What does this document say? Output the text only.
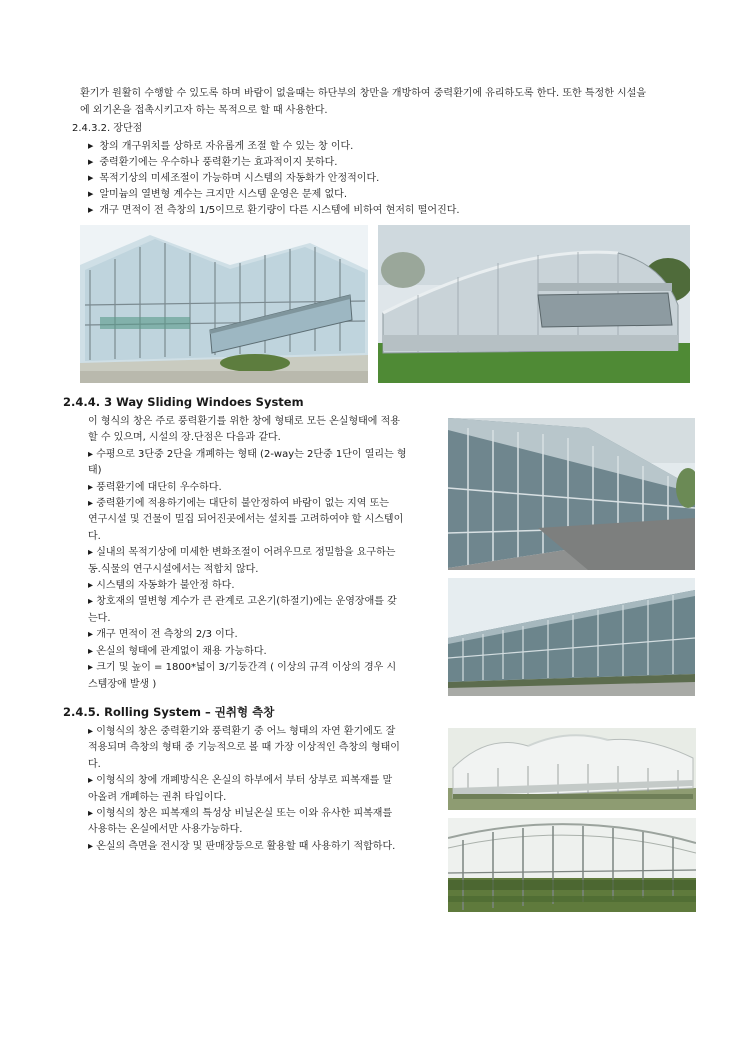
환기가 원활히 수행할 수 있도록 하며 바람이 없을때는 하단부의 창만을 개방하여 중력환기에 유리하도록 한다. 또한 특정한 시설을
에 외기온을 접촉시키고자 하는 목적으로 할 때 사용한다.
2.4.3.2. 장단점
▶ 창의 개구위치를 상하로 자유롭게 조절 할 수 있는 창 이다.
▶ 중력환기에는 우수하나 풍력환기는 효과적이지 못하다.
▶ 목적기상의 미세조절이 가능하며 시스템의 자동화가 안정적이다.
▶ 알미늄의 열변형 계수는 크지만 시스템 운영은 문제 없다.
▶ 개구 면적이 전 측창의 1/5이므로 환기량이 다른 시스템에 비하여 현저히 떨어진다.
2.4.4. 3 Way Sliding Windoes System
이 형식의 창은 주로 풍력환기를 위한 창에 형태로 모든 온실형태에 적용
할 수 있으며, 시설의 장.단점은 다음과 같다.
▸ 수평으로 3단중 2단을 개폐하는 형태 (2-way는 2단중 1단이 열리는 형
태)
▸ 풍력환기에 대단히 우수하다.
▸ 중력환기에 적용하기에는 대단히 불안정하여 바람이 없는 지역 또는
연구시설 및 건물이 밀집 되어진곳에서는 설치를 고려하여야 할 시스템이
다.
▸ 실내의 목적기상에 미세한 변화조절이 어려우므로 정밀함을 요구하는
동.식물의 연구시설에서는 적합치 않다.
▸ 시스템의 자동화가 불안정 하다.
▸ 창호재의 열변형 계수가 큰 관계로 고온기(하절기)에는 운영장애를 갖
는다.
▸ 개구 면적이 전 측창의 2/3 이다.
▸ 온실의 형태에 관계없이 채용 가능하다.
▸ 크기 및 높이 = 1800*넓이 3/기둥간격 ( 이상의 규격 이상의 경우 시
스템장애 발생 )
2.4.5. Rolling System – 권취형 측창
▸ 이형식의 창은 중력환기와 풍력환기 중 어느 형태의 자연 환기에도 잘
적용되며 측창의 형태 중 기능적으로 볼 때 가장 이상적인 측창의 형태이
다.
▸ 이형식의 창에 개폐방식은 온실의 하부에서 부터 상부로 피복재를 말
아올려 개폐하는 권취 타입이다.
▸ 이형식의 창은 피복재의 특성상 비닐온실 또는 이와 유사한 피복재를
사용하는 온실에서만 사용가능하다.
▸ 온실의 측면을 전시장 및 판매장등으로 활용할 때 사용하기 적합하다.
